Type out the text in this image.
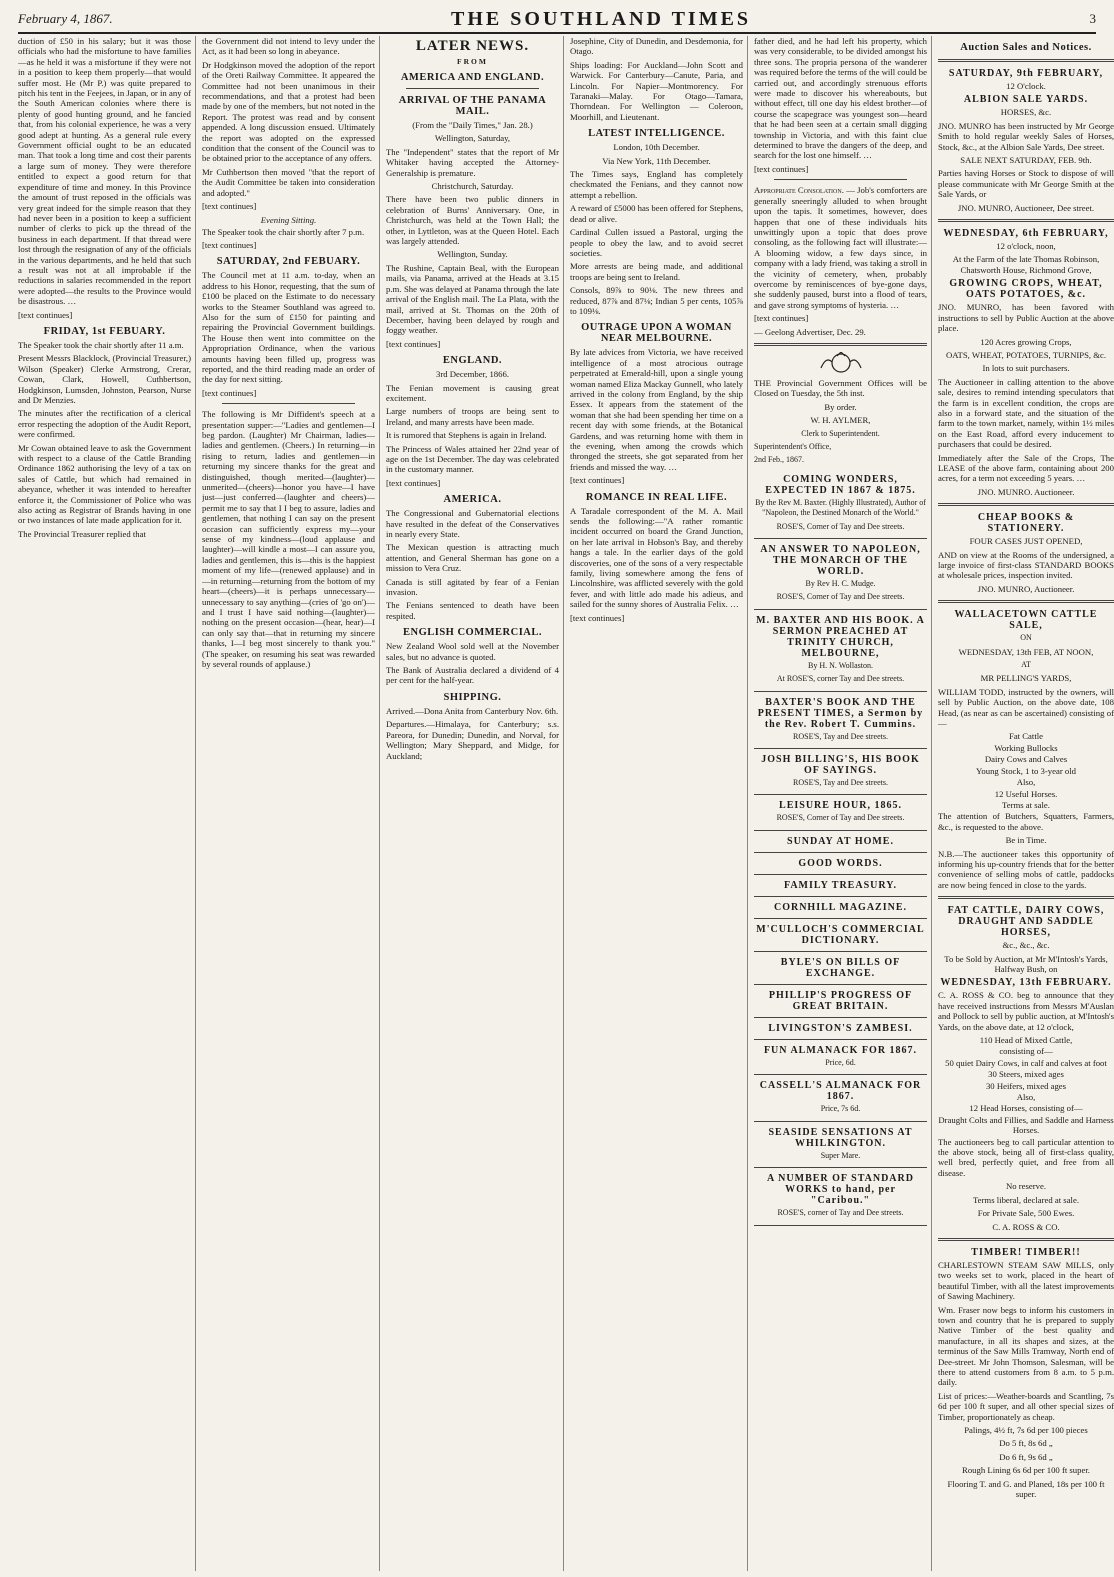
February 4, 1867.	THE SOUTHLAND TIMES	3

duction of £50 in his salary; but it was those officials who had the misfortune to have families—as he held it was a misfortune if they were not in a position to keep them properly—that would suffer most. He (Mr P.) was quite prepared to pitch his tent in the Feejees, in Japan, or in any of the South American colonies where there is plenty of good hunting ground, and he fancied that, from his colonial experience, he was a very good adept at hunting. As a general rule every Government official ought to be an educated man. That took a long time and cost their parents a large sum of money. They were therefore entitled to expect a good return for that expenditure of time and money. In this Province the amount of trust reposed in the officials was very great indeed for the simple reason that they had never been in a position to keep a sufficient number of clerks to pick up the thread of the business in each department. If that thread were lost through the resignation of any of the officials in the various departments, and he held that such a result was not at all improbable if the reductions in salaries recommended in the report were adopted—the results to the Province would be disastrous. …

[text continues]

FRIDAY, 1st FEBUARY.

The Speaker took the chair shortly after 11 a.m.

Present Messrs Blacklock, (Provincial Treasurer,) Wilson (Speaker) Clerke Armstrong, Crerar, Cowan, Clark, Howell, Cuthbertson, Hodgkinson, Lumsden, Johnston, Pearson, Nurse and Dr Menzies.

The minutes after the rectification of a clerical error respecting the adoption of the Audit Report, were confirmed.

Mr Cowan obtained leave to ask the Government with respect to a clause of the Cattle Branding Ordinance 1862 authorising the levy of a tax on sales of Cattle, but which had remained in abeyance, whether it was intended to hereafter enforce it, the Commissioner of Police who was also acting as Registrar of Brands having in one or two instances of late made application for it.

The Provincial Treasurer replied that

the Government did not intend to levy under the Act, as it had been so long in abeyance.

Dr Hodgkinson moved the adoption of the report of the Oreti Railway Committee. It appeared the Committee had not been unanimous in their recommendations, and that a protest had been made by one of the members, but not noted in the Report. The protest was read and by consent appended. A long discussion ensued. Ultimately the report was adopted on the expressed condition that the consent of the Council was to be obtained prior to the acceptance of any offers.

Mr Cuthbertson then moved "that the report of the Audit Committee be taken into consideration and adopted."

[text continues]

Evening Sitting.

The Speaker took the chair shortly after 7 p.m.

[text continues]

SATURDAY, 2nd FEBUARY.

The Council met at 11 a.m. to-day, when an address to his Honor, requesting, that the sum of £100 be placed on the Estimate to do necessary works to the Steamer Southland was agreed to. Also for the sum of £150 for painting and repairing the Provincial Government buildings. The House then went into committee on the Appropriation Ordinance, when the various amounts having been filled up, progress was reported, and the third reading made an order of the day for next sitting.

[text continues]

The following is Mr Diffident's speech at a presentation supper:—"Ladies and gentlemen—I beg pardon. (Laughter) Mr Chairman, ladies—ladies and gentlemen. (Cheers.) In returning—in rising to return, ladies and gentlemen—in returning my sincere thanks for the great and distinguished, though merited—(laughter)—unmerited—(cheers)—honor you have—I have just—just conferred—(laughter and cheers)—permit me to say that I I beg to assure, ladies and gentlemen, that nothing I can say on the present occasion can sufficiently express my—your sense of my kindness—(loud applause and laughter)—will kindle a most—I can assure you, ladies and gentlemen, this is—this is the happiest moment of my life—(renewed applause) and in—in returning—returning from the bottom of my heart—(cheers)—it is perhaps unnecessary—unnecessary to say anything—(cries of 'go on')—and I trust I have said nothing—(laughter)—nothing on the present occasion—(hear, hear)—I can only say that—that in returning my sincere thanks, I—I beg most sincerely to thank you." (The speaker, on resuming his seat was rewarded by several rounds of applause.)

LATER NEWS.
FROM
AMERICA AND ENGLAND.
ARRIVAL OF THE PANAMA MAIL.

(From the "Daily Times," Jan. 28.)

Wellington, Saturday,

The "Independent" states that the report of Mr Whitaker having accepted the Attorney-Generalship is premature.

Christchurch, Saturday.

There have been two public dinners in celebration of Burns' Anniversary. One, in Christchurch, was held at the Town Hall; the other, in Lyttleton, was at the Queen Hotel. Each was largely attended.

Wellington, Sunday.

The Rushine, Captain Beal, with the European mails, via Panama, arrived at the Heads at 3.15 p.m. She was delayed at Panama through the late arrival of the English mail. The La Plata, with the mail, arrived at St. Thomas on the 20th of December, having been delayed by rough and foggy weather.

[text continues]

ENGLAND.

3rd December, 1866.

The Fenian movement is causing great excitement.

Large numbers of troops are being sent to Ireland, and many arrests have been made.

It is rumored that Stephens is again in Ireland.

The Princess of Wales attained her 22nd year of age on the 1st December. The day was celebrated in the customary manner.

[text continues]

AMERICA.

The Congressional and Gubernatorial elections have resulted in the defeat of the Conservatives in nearly every State.

The Mexican question is attracting much attention, and General Sherman has gone on a mission to Vera Cruz.

Canada is still agitated by fear of a Fenian invasion.

The Fenians sentenced to death have been respited.

ENGLISH COMMERCIAL.

New Zealand Wool sold well at the November sales, but no advance is quoted.

The Bank of Australia declared a dividend of 4 per cent for the half-year.

SHIPPING.

Arrived.—Dona Anita from Canterbury Nov. 6th.

Departures.—Himalaya, for Canterbury; s.s. Pareora, for Dunedin; Dunedin, and Norval, for Wellington; Mary Sheppard, and Midge, for Auckland;

Josephine, City of Dunedin, and Desdemonia, for Otago.

Ships loading: For Auckland—John Scott and Warwick. For Canterbury—Canute, Paria, and Lincoln. For Napier—Montmorency. For Taranaki—Malay. For Otago—Tamara, Thorndean. For Wellington — Coleroon, Moorhill, and Lieutenant.

LATEST INTELLIGENCE.

London, 10th December.

Via New York, 11th December.

The Times says, England has completely checkmated the Fenians, and they cannot now attempt a rebellion.

A reward of £5000 has been offered for Stephens, dead or alive.

Cardinal Cullen issued a Pastoral, urging the people to obey the law, and to avoid secret societies.

More arrests are being made, and additional troops are being sent to Ireland.

Consols, 89⅞ to 90⅛. The new threes and reduced, 87⅞ and 87⅛; Indian 5 per cents, 105⅞ to 109⅛.

OUTRAGE UPON A WOMAN NEAR MELBOURNE.

By late advices from Victoria, we have received intelligence of a most atrocious outrage perpetrated at Emerald-hill, upon a single young woman named Eliza Mackay Gunnell, who lately arrived in the colony from England, by the ship Essex. It appears from the statement of the woman that she had been spending her time on a recent day with some friends, at the Botanical Gardens, and was returning home with them in the evening, when among the crowds which thronged the streets, she got separated from her friends and missed the way. …

[text continues]

ROMANCE IN REAL LIFE.

A Taradale correspondent of the M. A. Mail sends the following:—"A rather romantic incident occurred on board the Grand Junction, on her late arrival in Hobson's Bay, and thereby hangs a tale. In the earlier days of the gold discoveries, one of the sons of a very respectable family, living somewhere among the fens of Lincolnshire, was afflicted severely with the gold fever, and with little ado made his adieus, and sailed for the sunny shores of Australia Felix. …

[text continues]

father died, and he had left his property, which was very considerable, to be divided amongst his three sons. The propria persona of the wanderer was required before the terms of the will could be carried out, and accordingly strenuous efforts were made to discover his whereabouts, but without effect, till one day his eldest brother—of course the scapegrace was youngest son—heard that he had been seen at a certain small digging township in Victoria, and with this faint clue determined to brave the dangers of the deep, and search for the lost one himself. …

[text continues]

Appropriate Consolation. — Job's comforters are generally sneeringly alluded to when brought upon the tapis. It sometimes, however, does happen that one of these individuals hits unwittingly upon a topic that does prove consoling, as the following fact will illustrate:—A blooming widow, a few days since, in company with a lady friend, was taking a stroll in the vicinity of cemetery, when, probably overcome by reminiscences of bye-gone days, she suddenly paused, burst into a flood of tears, and gave strong symptoms of hysteria. …

[text continues]

— Geelong Advertiser, Dec. 29.

THE Provincial Government Offices will be Closed on Tuesday, the 5th inst.

By order.

W. H. AYLMER,

Clerk to Superintendent.

Superintendent's Office,

2nd Feb., 1867.

COMING WONDERS, EXPECTED IN 1867 & 1875.

By the Rev M. Baxter. (Highly Illustrated), Author of "Napoleon, the Destined Monarch of the World."

ROSE'S, Corner of Tay and Dee streets.

AN ANSWER TO NAPOLEON, THE MONARCH OF THE WORLD.

By Rev H. C. Mudge.

ROSE'S, Corner of Tay and Dee streets.

M. BAXTER AND HIS BOOK. A SERMON PREACHED AT TRINITY CHURCH, MELBOURNE,

By H. N. Wollaston.

At ROSE'S, corner Tay and Dee streets.

BAXTER'S BOOK AND THE PRESENT TIMES, a Sermon by the Rev. Robert T. Cummins.

ROSE'S, Tay and Dee streets.

JOSH BILLING'S, HIS BOOK OF SAYINGS.

ROSE'S, Tay and Dee streets.

LEISURE HOUR, 1865.

ROSE'S, Corner of Tay and Dee streets.

SUNDAY AT HOME.
GOOD WORDS.
FAMILY TREASURY.
CORNHILL MAGAZINE.
M'CULLOCH'S COMMERCIAL DICTIONARY.
BYLE'S ON BILLS OF EXCHANGE.
PHILLIP'S PROGRESS OF GREAT BRITAIN.
LIVINGSTON'S ZAMBESI.
FUN ALMANACK FOR 1867.

Price, 6d.

CASSELL'S ALMANACK FOR 1867.

Price, 7s 6d.

SEASIDE SENSATIONS AT WHILKINGTON.

Super Mare.

A NUMBER OF STANDARD WORKS to hand, per "Caribou."

ROSE'S, corner of Tay and Dee streets.

Auction Sales and Notices.
SATURDAY, 9th FEBRUARY,

12 O'clock.

ALBION SALE YARDS.

HORSES, &c.

JNO. MUNRO has been instructed by Mr George Smith to hold regular weekly Sales of Horses, Stock, &c., at the Albion Sale Yards, Dee street.

SALE NEXT SATURDAY, FEB. 9th.

Parties having Horses or Stock to dispose of will please communicate with Mr George Smith at the Sale Yards, or

JNO. MUNRO, Auctioneer, Dee street.

WEDNESDAY, 6th FEBRUARY,

12 o'clock, noon,

At the Farm of the late Thomas Robinson, Chatsworth House, Richmond Grove,

GROWING CROPS, WHEAT, OATS POTATOES, &c.

JNO. MUNRO, has been favored with instructions to sell by Public Auction at the above place.

120 Acres growing Crops,

OATS, WHEAT, POTATOES, TURNIPS, &c.

In lots to suit purchasers.

The Auctioneer in calling attention to the above sale, desires to remind intending speculators that the farm is in excellent condition, the crops are also in a forward state, and the situation of the farm to the town market, namely, within 1½ miles on the East Road, afford every inducement to purchasers that could be desired.

Immediately after the Sale of the Crops, The LEASE of the above farm, containing about 200 acres, for a term not exceeding 5 years. …

JNO. MUNRO. Auctioneer.

CHEAP BOOKS & STATIONERY.

FOUR CASES JUST OPENED,

AND on view at the Rooms of the undersigned, a large invoice of first-class STANDARD BOOKS at wholesale prices, inspection invited.

JNO. MUNRO, Auctioneer.

WALLACETOWN CATTLE SALE,

ON

WEDNESDAY, 13th FEB, AT NOON,

AT

MR PELLING'S YARDS,

WILLIAM TODD, instructed by the owners, will sell by Public Auction, on the above date, 108 Head, (as near as can be ascertained) consisting of—

Fat Cattle

Working Bullocks

Dairy Cows and Calves

Young Stock, 1 to 3-year old

Also,

12 Useful Horses.

Terms at sale.

The attention of Butchers, Squatters, Farmers, &c., is requested to the above.

Be in Time.

N.B.—The auctioneer takes this opportunity of informing his up-country friends that for the better convenience of selling mobs of cattle, paddocks are now being fenced in close to the yards.

FAT CATTLE, DAIRY COWS, DRAUGHT AND SADDLE HORSES,

&c., &c., &c.

To be Sold by Auction, at Mr M'Intosh's Yards, Halfway Bush, on

WEDNESDAY, 13th FEBRUARY.

C. A. ROSS & CO. beg to announce that they have received instructions from Messrs M'Auslan and Pollock to sell by public auction, at M'Intosh's Yards, on the above date, at 12 o'clock,

110 Head of Mixed Cattle,

consisting of—

50 quiet Dairy Cows, in calf and calves at foot

30 Steers, mixed ages

30 Heifers, mixed ages

Also,

12 Head Horses, consisting of—

Draught Colts and Fillies, and Saddle and Harness Horses.

The auctioneers beg to call particular attention to the above stock, being all of first-class quality, well bred, perfectly quiet, and free from all disease.

No reserve.

Terms liberal, declared at sale.

For Private Sale, 500 Ewes.

C. A. ROSS & CO.

TIMBER! TIMBER!!

CHARLESTOWN STEAM SAW MILLS, only two weeks set to work, placed in the heart of beautiful Timber, with all the latest improvements of Sawing Machinery.

Wm. Fraser now begs to inform his customers in town and country that he is prepared to supply Native Timber of the best quality and manufacture, in all its shapes and sizes, at the terminus of the Saw Mills Tramway, North end of Dee-street. Mr John Thomson, Salesman, will be there to attend customers from 8 a.m. to 5 p.m. daily.

List of prices:—Weather-boards and Scantling, 7s 6d per 100 ft super, and all other special sizes of Timber, proportionately as cheap.

Palings, 4½ ft, 7s 6d per 100 pieces

Do 5 ft, 8s 6d „

Do 6 ft, 9s 6d „

Rough Lining 6s 6d per 100 ft super.

Flooring T. and G. and Planed, 18s per 100 ft super.
